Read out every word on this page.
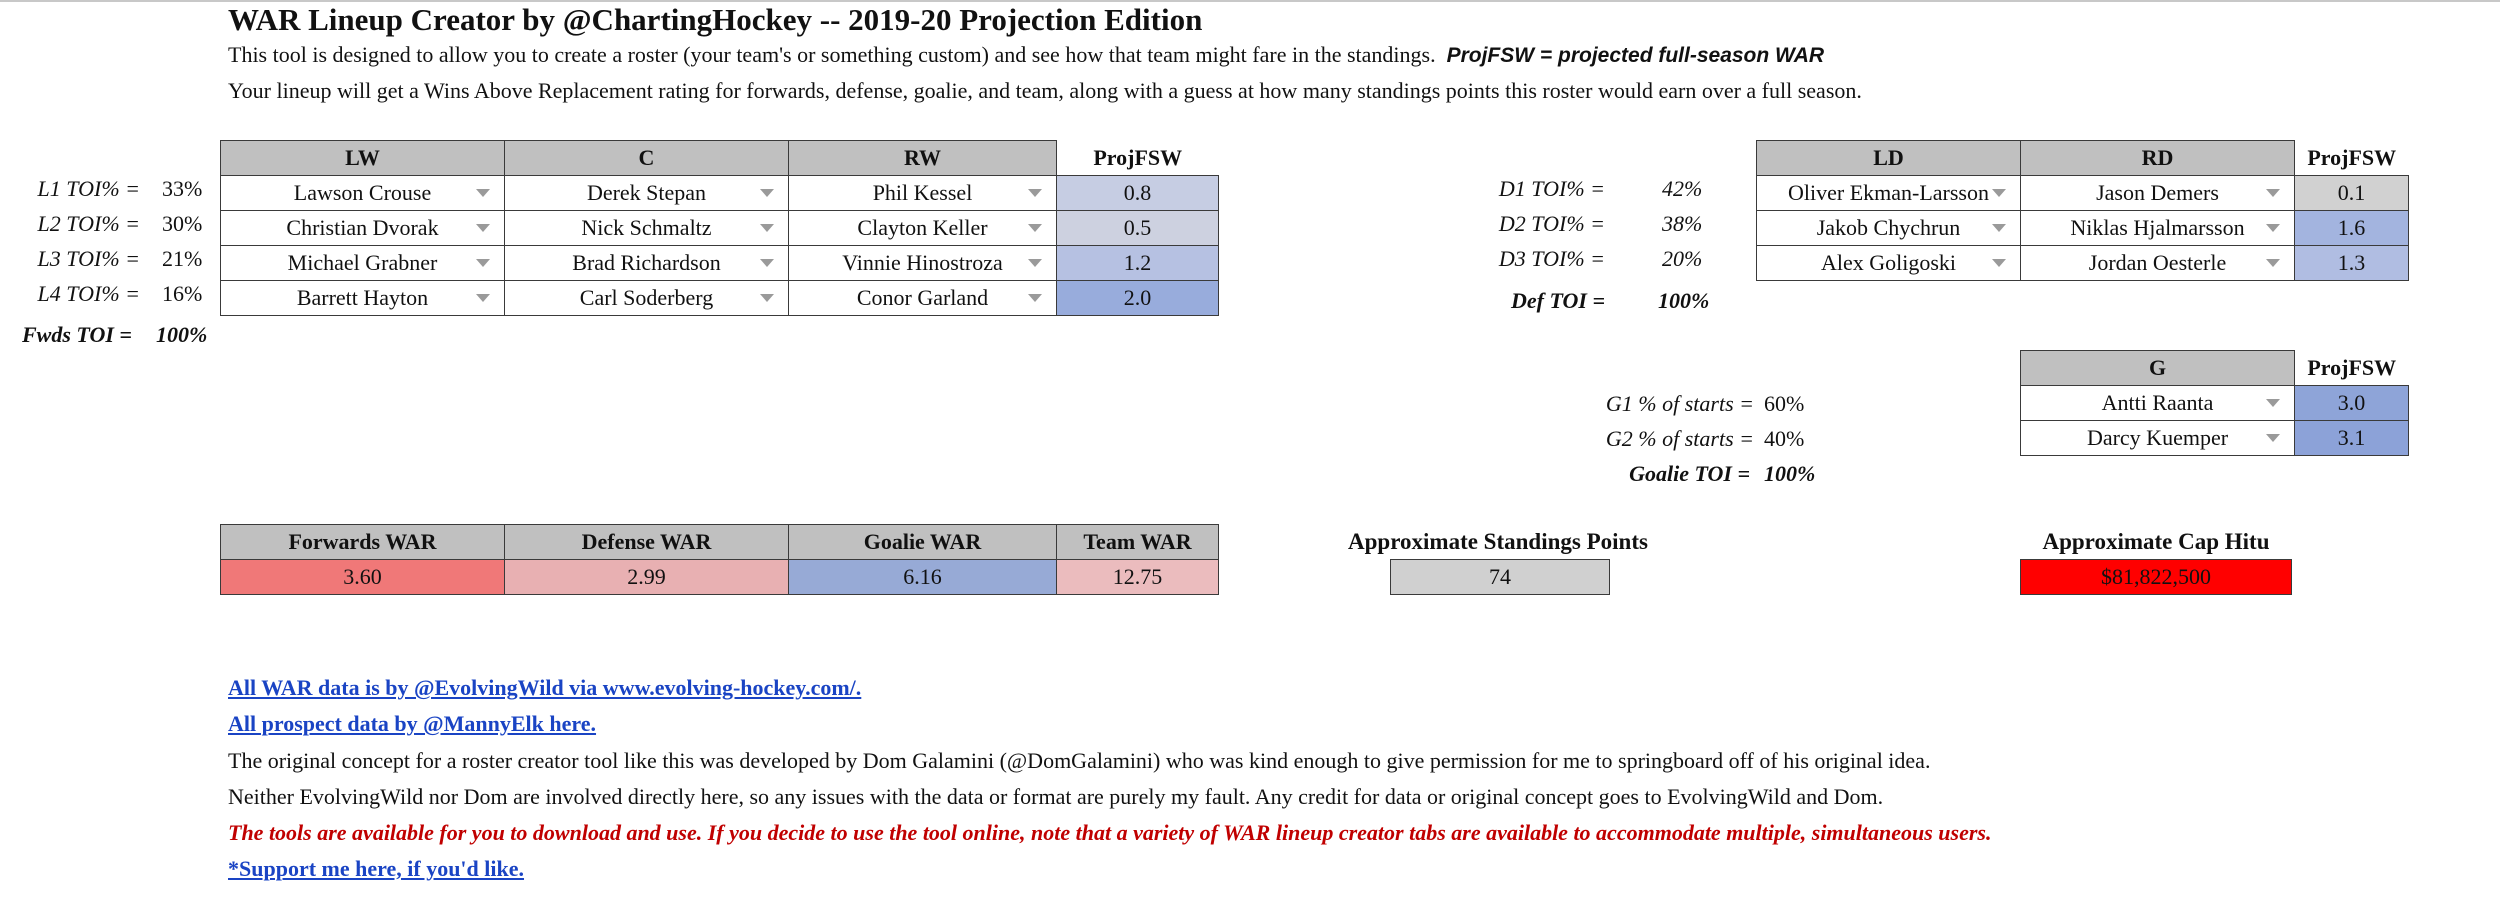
WAR Lineup Creator by @ChartingHockey -- 2019-20 Projection Edition
This tool is designed to allow you to create a roster (your team's or something custom) and see how that team might fare in the standings. ProjFSW = projected full-season WAR
Your lineup will get a Wins Above Replacement rating for forwards, defense, goalie, and team, along with a guess at how many standings points this roster would earn over a full season.
L1 TOI% = 33%
L2 TOI% = 30%
L3 TOI% = 21%
L4 TOI% = 16%
Fwds TOI = 100%
LW	C	RW	ProjFSW
Lawson Crouse	Derek Stepan	Phil Kessel	0.8
Christian Dvorak	Nick Schmaltz	Clayton Keller	0.5
Michael Grabner	Brad Richardson	Vinnie Hinostroza	1.2
Barrett Hayton	Carl Soderberg	Conor Garland	2.0
D1 TOI% =	42%
D2 TOI% =	38%
D3 TOI% =	20%
Def TOI = 100%
LD	RD	ProjFSW
Oliver Ekman-Larsson	Jason Demers	0.1
Jakob Chychrun	Niklas Hjalmarsson	1.6
Alex Goligoski	Jordan Oesterle	1.3
G1 % of starts = 60%
G2 % of starts = 40%
Goalie TOI = 100%
G	ProjFSW
Antti Raanta	3.0
Darcy Kuemper	3.1
Forwards WAR	Defense WAR	Goalie WAR	Team WAR
3.60	2.99	6.16	12.75
Approximate Standings Points
74
Approximate Cap Hitu
$81,822,500
All WAR data is by @EvolvingWild via www.evolving-hockey.com/.
All prospect data by @MannyElk here.
The original concept for a roster creator tool like this was developed by Dom Galamini (@DomGalamini) who was kind enough to give permission for me to springboard off of his original idea.
Neither EvolvingWild nor Dom are involved directly here, so any issues with the data or format are purely my fault. Any credit for data or original concept goes to EvolvingWild and Dom.
The tools are available for you to download and use. If you decide to use the tool online, note that a variety of WAR lineup creator tabs are available to accommodate multiple, simultaneous users.
*Support me here, if you'd like.
